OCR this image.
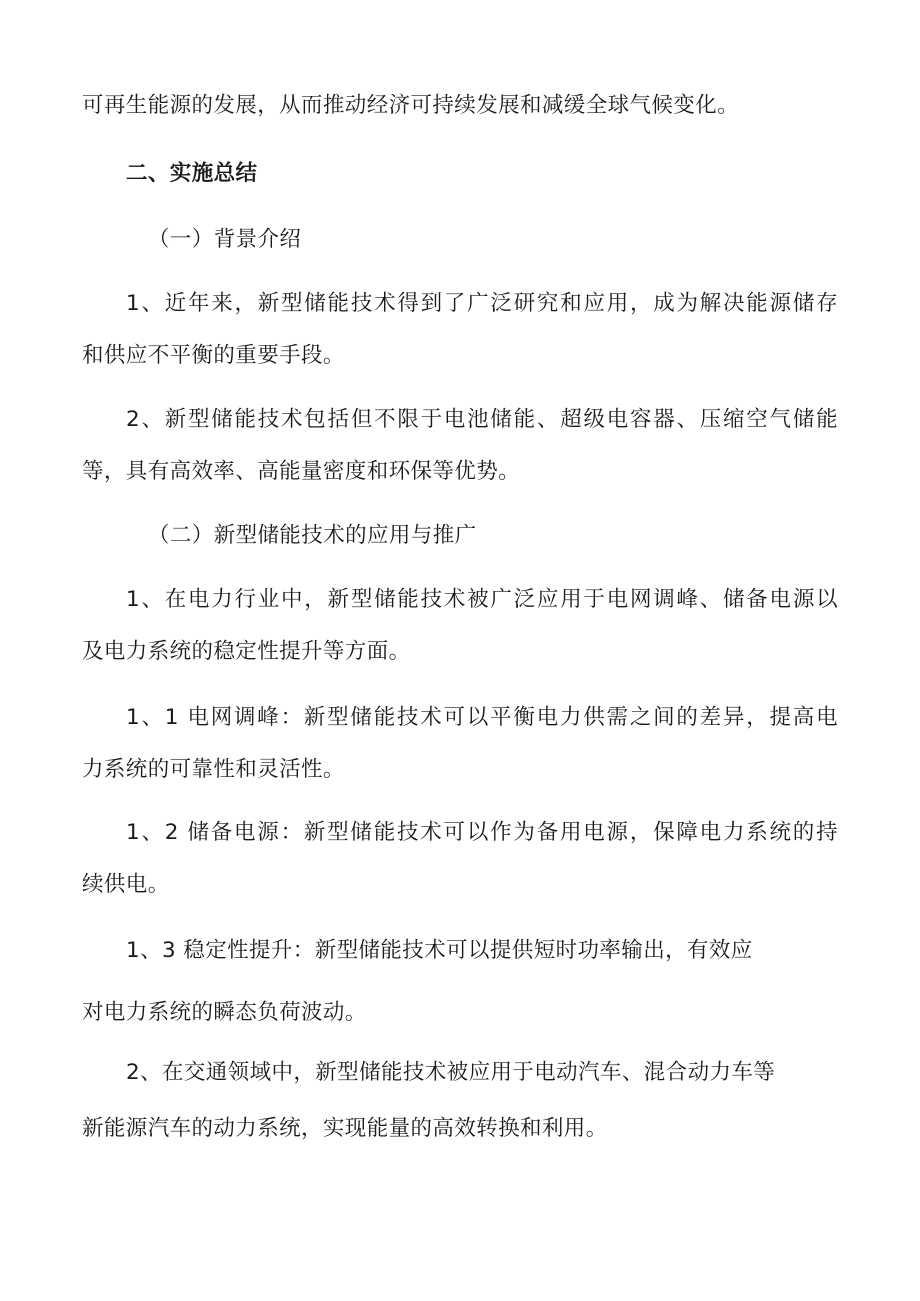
可再生能源的发展，从而推动经济可持续发展和减缓全球气候变化。
二、实施总结
（一）背景介绍
1、近年来，新型储能技术得到了广泛研究和应用，成为解决能源储存
和供应不平衡的重要手段。
2、新型储能技术包括但不限于电池储能、超级电容器、压缩空气储能
等，具有高效率、高能量密度和环保等优势。
（二）新型储能技术的应用与推广
1、在电力行业中，新型储能技术被广泛应用于电网调峰、储备电源以
及电力系统的稳定性提升等方面。
1、1 电网调峰：新型储能技术可以平衡电力供需之间的差异，提高电
力系统的可靠性和灵活性。
1、2 储备电源：新型储能技术可以作为备用电源，保障电力系统的持
续供电。
1、3 稳定性提升：新型储能技术可以提供短时功率输出，有效应
对电力系统的瞬态负荷波动。
2、在交通领域中，新型储能技术被应用于电动汽车、混合动力车等
新能源汽车的动力系统，实现能量的高效转换和利用。
